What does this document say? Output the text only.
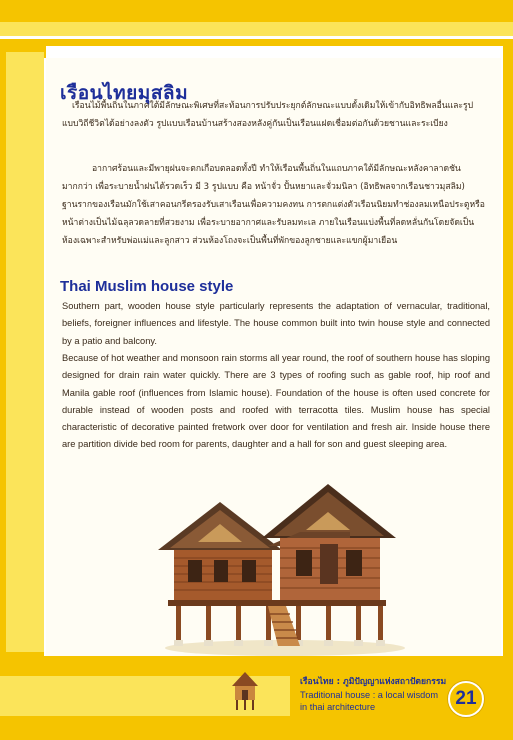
เรือนไทยมุสลิม
เรือนไม้พื้นถิ่นในภาคใต้มีลักษณะพิเศษที่สะท้อนการปรับประยุกต์ลักษณะแบบดั้งเดิมให้เข้ากับอิทธิพลอื่นและรูปแบบวิถีชีวิตได้อย่างลงตัว รูปแบบเรือนบ้านสร้างสองหลังคู่กันเป็นเรือนแฝดเชื่อมต่อกันด้วยชานและระเบียง
อากาศร้อนและมีพายุฝนจะตกเกือบตลอดทั้งปี ทำให้เรือนพื้นถิ่นในแถบภาคใต้มีลักษณะหลังคาลาดชันมากกว่า เพื่อระบายน้ำฝนได้รวดเร็ว มี 3 รูปแบบ คือ หน้าจั่ว ปั้นหยาและจั่วมนิลา (อิทธิพลจากเรือนชาวมุสลิม) ฐานรากของเรือนมักใช้เสาคอนกรีตรองรับเสาเรือนเพื่อความคงทน การตกแต่งตัวเรือนนิยมทำช่องลมเหนือประตูหรือหน้าต่างเป็นไม้ฉลุลวดลายที่สวยงาม เพื่อระบายอากาศและรับลมทะเล ภายในเรือนแบ่งพื้นที่ลดหลั่นกันโดยจัดเป็นห้องเฉพาะสำหรับพ่อแม่และลูกสาว ส่วนห้องโถงจะเป็นพื้นที่พักของลูกชายและแขกผู้มาเยือน
Thai Muslim house style
Southern part, wooden house style particularly represents the adaptation of vernacular, traditional, beliefs, foreigner influences and lifestyle. The house common built into twin house style and connected by a patio and balcony.
Because of hot weather and monsoon rain storms all year round, the roof of southern house has sloping designed for drain rain water quickly. There are 3 types of roofing such as gable roof, hip roof and Manila gable roof (influences from Islamic house). Foundation of the house is often used concrete for durable instead of wooden posts and roofed with terracotta tiles. Muslim house has special characteristic of decorative painted fretwork over door for ventilation and fresh air. Inside house there are partition divide bed room for parents, daughter and a hall for son and guest sleeping area.
เรือนไทย : ภูมิปัญญาแห่งสถาปัตยกรรม
Traditional house : a local wisdom
in thai architecture	21
